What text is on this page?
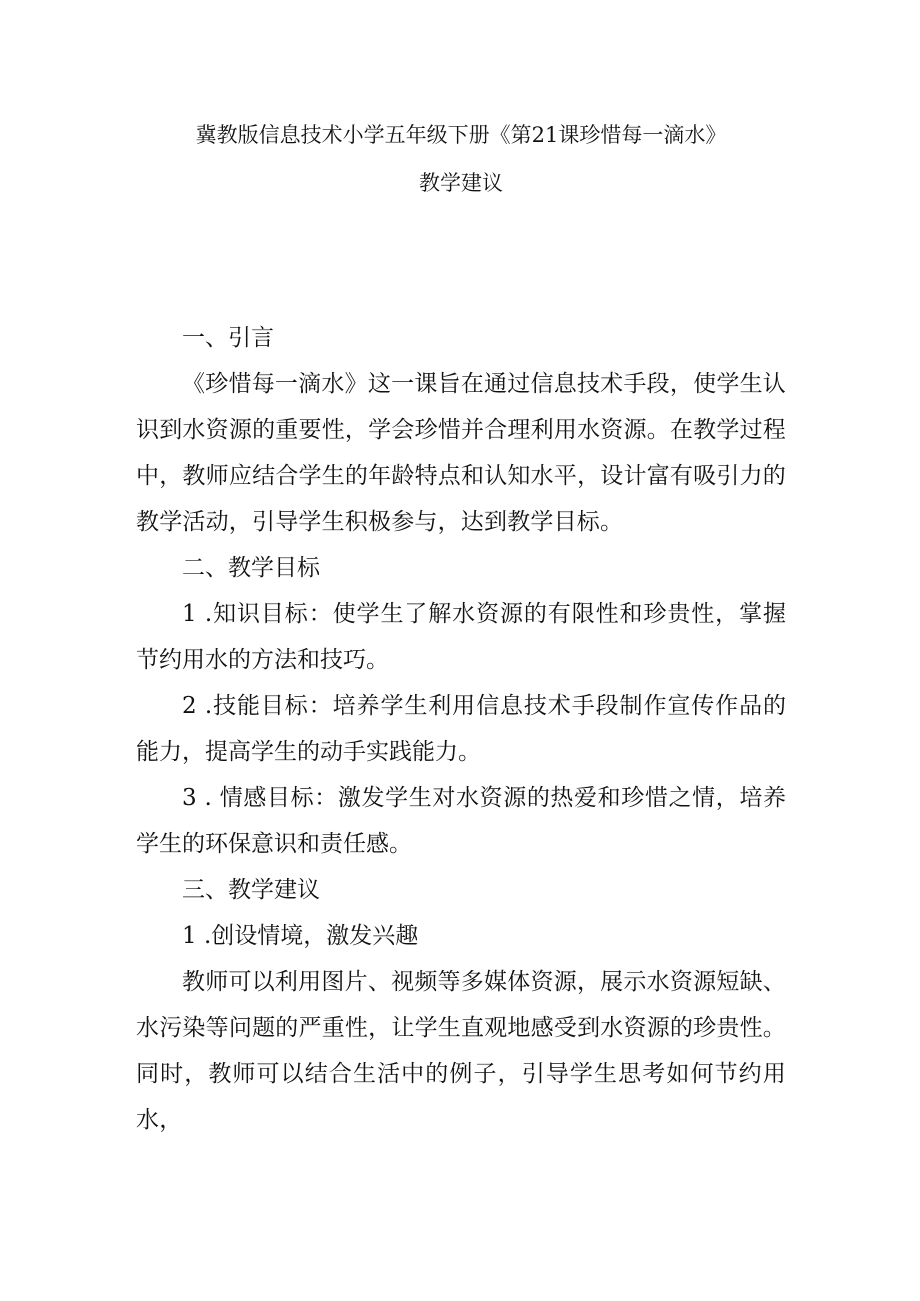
冀教版信息技术小学五年级下册《第21课珍惜每一滴水》

教学建议

一、引言

《珍惜每一滴水》这一课旨在通过信息技术手段，使学生认识到水资源的重要性，学会珍惜并合理利用水资源。在教学过程中，教师应结合学生的年龄特点和认知水平，设计富有吸引力的教学活动，引导学生积极参与，达到教学目标。

二、教学目标

1 .知识目标：使学生了解水资源的有限性和珍贵性，掌握节约用水的方法和技巧。

2 .技能目标：培养学生利用信息技术手段制作宣传作品的能力，提高学生的动手实践能力。

3 . 情感目标：激发学生对水资源的热爱和珍惜之情，培养学生的环保意识和责任感。

三、教学建议

1 .创设情境，激发兴趣

教师可以利用图片、视频等多媒体资源，展示水资源短缺、水污染等问题的严重性，让学生直观地感受到水资源的珍贵性。同时，教师可以结合生活中的例子，引导学生思考如何节约用水，
